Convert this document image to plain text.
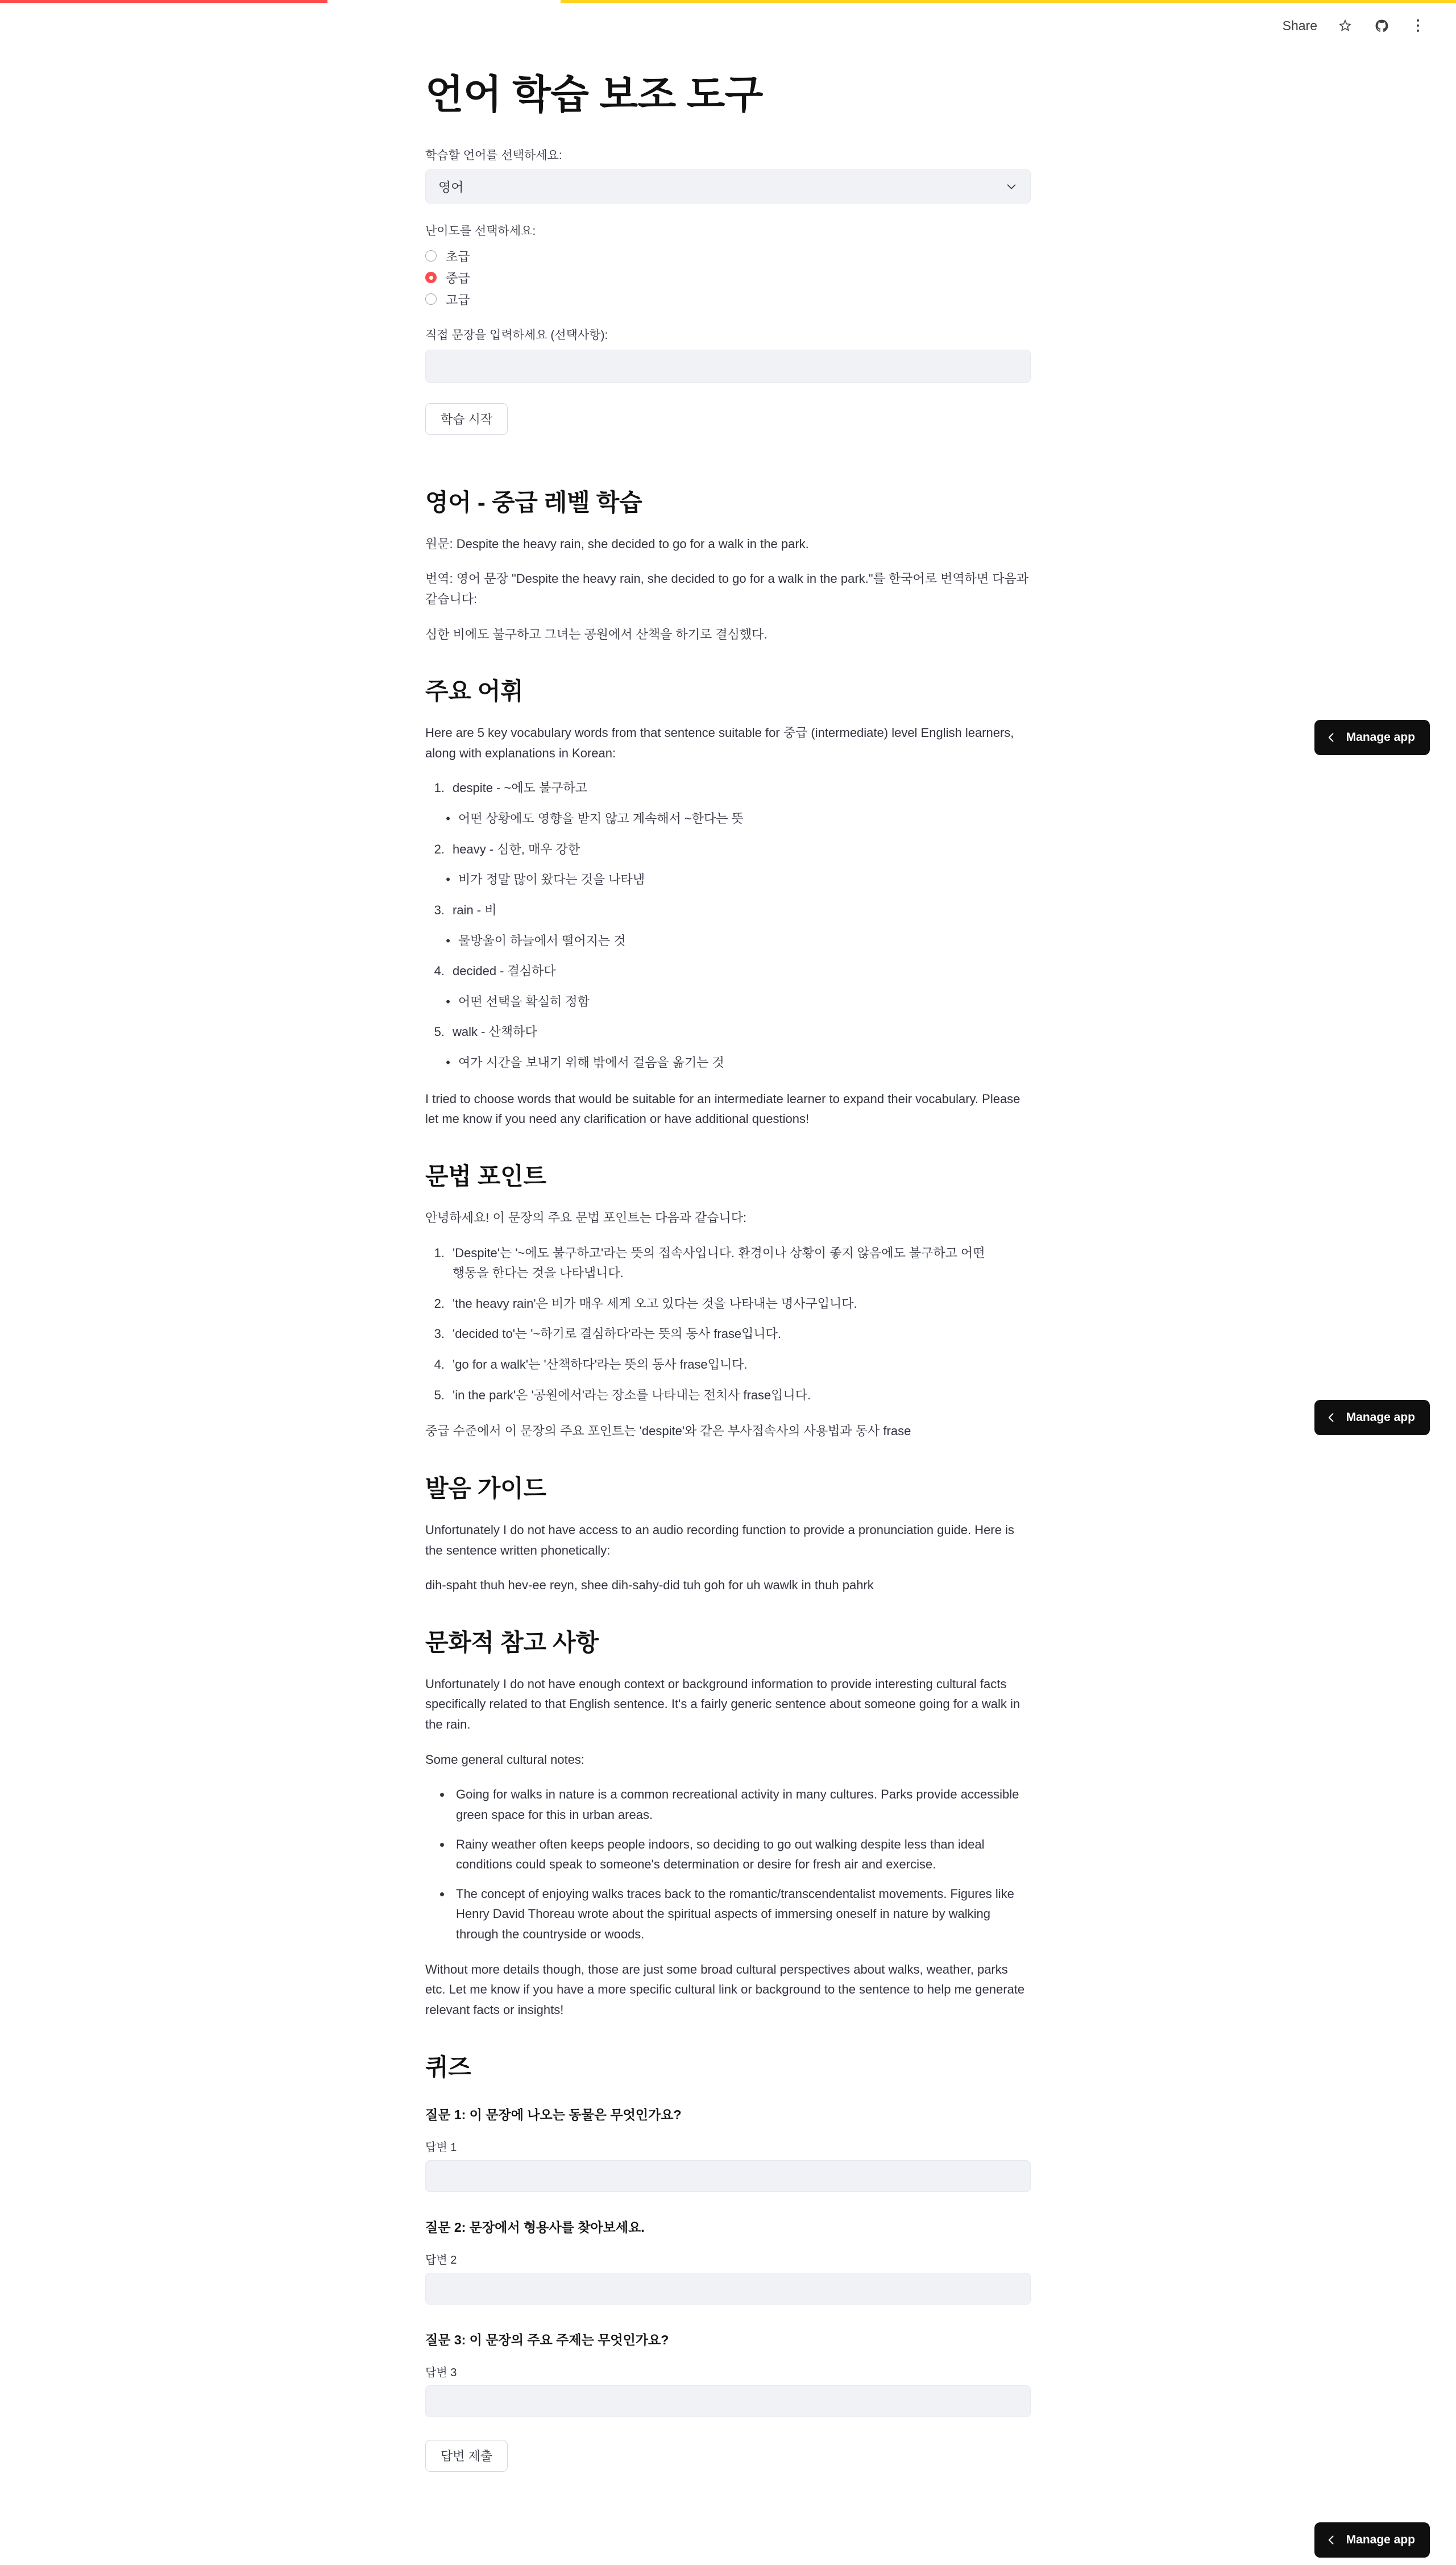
Share
Manage app
Manage app
Manage app
언어 학습 보조 도구
학습할 언어를 선택하세요:
영어
난이도를 선택하세요:
초급
중급
고급
직접 문장을 입력하세요 (선택사항):
학습 시작
영어 - 중급 레벨 학습

원문: Despite the heavy rain, she decided to go for a walk in the park.

번역: 영어 문장 "Despite the heavy rain, she decided to go for a walk in the park."를 한국어로 번역하면 다음과 같습니다:

심한 비에도 불구하고 그녀는 공원에서 산책을 하기로 결심했다.

주요 어휘

Here are 5 key vocabulary words from that sentence suitable for 중급 (intermediate) level English learners, along with explanations in Korean:

1. despite - ~에도 불구하고
• 어떤 상황에도 영향을 받지 않고 계속해서 ~한다는 뜻
2. heavy - 심한, 매우 강한
• 비가 정말 많이 왔다는 것을 나타냄
3. rain - 비
• 물방울이 하늘에서 떨어지는 것
4. decided - 결심하다
• 어떤 선택을 확실히 정함
5. walk - 산책하다
• 여가 시간을 보내기 위해 밖에서 걸음을 옮기는 것

I tried to choose words that would be suitable for an intermediate learner to expand their vocabulary. Please let me know if you need any clarification or have additional questions!

문법 포인트

안녕하세요! 이 문장의 주요 문법 포인트는 다음과 같습니다:

1. 'Despite'는 '~에도 불구하고'라는 뜻의 접속사입니다. 환경이나 상황이 좋지 않음에도 불구하고 어떤 행동을 한다는 것을 나타냅니다.
2. 'the heavy rain'은 비가 매우 세게 오고 있다는 것을 나타내는 명사구입니다.
3. 'decided to'는 '~하기로 결심하다'라는 뜻의 동사 frase입니다.
4. 'go for a walk'는 '산책하다'라는 뜻의 동사 frase입니다.
5. 'in the park'은 '공원에서'라는 장소를 나타내는 전치사 frase입니다.

중급 수준에서 이 문장의 주요 포인트는 'despite'와 같은 부사접속사의 사용법과 동사 frase

발음 가이드

Unfortunately I do not have access to an audio recording function to provide a pronunciation guide. Here is the sentence written phonetically:

dih-spaht thuh hev-ee reyn, shee dih-sahy-did tuh goh for uh wawlk in thuh pahrk

문화적 참고 사항

Unfortunately I do not have enough context or background information to provide interesting cultural facts specifically related to that English sentence. It's a fairly generic sentence about someone going for a walk in the rain.

Some general cultural notes:

• Going for walks in nature is a common recreational activity in many cultures. Parks provide accessible green space for this in urban areas.
• Rainy weather often keeps people indoors, so deciding to go out walking despite less than ideal conditions could speak to someone's determination or desire for fresh air and exercise.
• The concept of enjoying walks traces back to the romantic/transcendentalist movements. Figures like Henry David Thoreau wrote about the spiritual aspects of immersing oneself in nature by walking through the countryside or woods.

Without more details though, those are just some broad cultural perspectives about walks, weather, parks etc. Let me know if you have a more specific cultural link or background to the sentence to help me generate relevant facts or insights!

퀴즈
질문 1: 이 문장에 나오는 동물은 무엇인가요?
답변 1
질문 2: 문장에서 형용사를 찾아보세요.
답변 2
질문 3: 이 문장의 주요 주제는 무엇인가요?
답변 3
답변 제출
